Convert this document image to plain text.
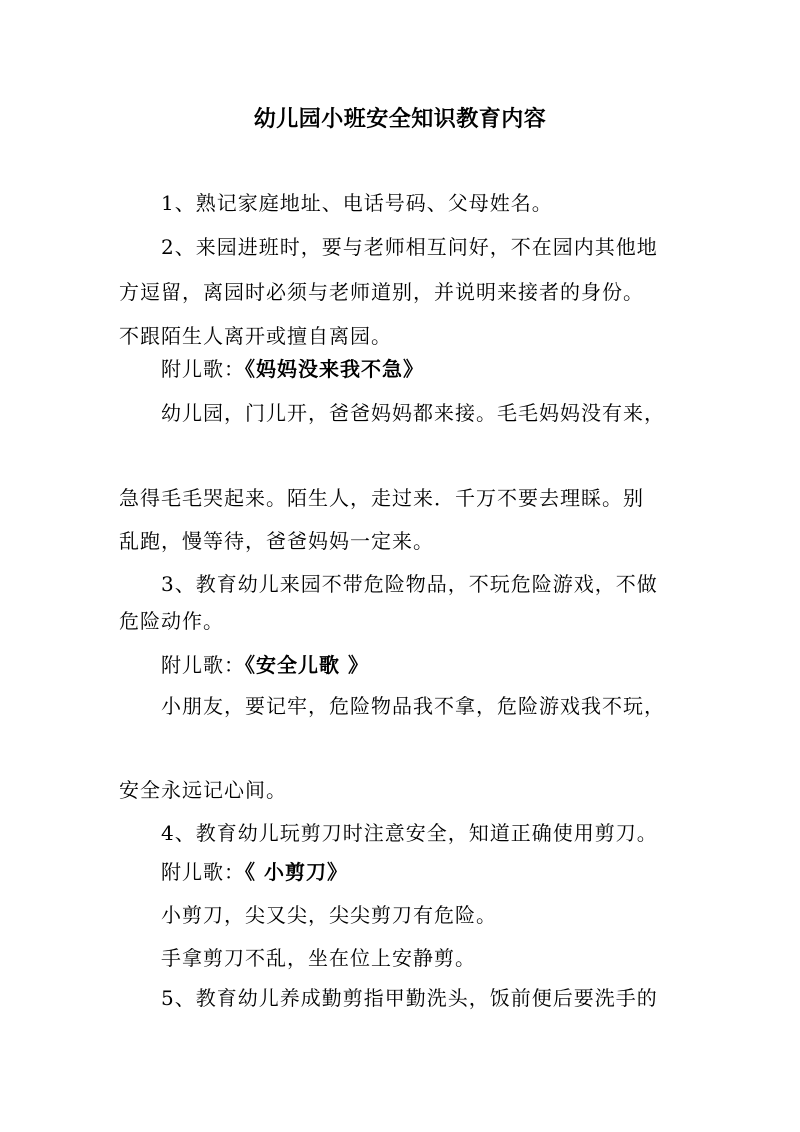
幼儿园小班安全知识教育内容
1、熟记家庭地址、电话号码、父母姓名。
2、来园进班时，要与老师相互问好，不在园内其他地
方逗留，离园时必须与老师道别，并说明来接者的身份。
不跟陌生人离开或擅自离园。
附儿歌：《妈妈没来我不急》
幼儿园，门儿开，爸爸妈妈都来接。毛毛妈妈没有来，
急得毛毛哭起来。陌生人，走过来．千万不要去理睬。别
乱跑，慢等待，爸爸妈妈一定来。
3、教育幼儿来园不带危险物品，不玩危险游戏，不做
危险动作。
附儿歌：《安全儿歌 》
小朋友，要记牢，危险物品我不拿，危险游戏我不玩，
安全永远记心间。
4、教育幼儿玩剪刀时注意安全，知道正确使用剪刀。
附儿歌：《 小剪刀》
小剪刀，尖又尖，尖尖剪刀有危险。
手拿剪刀不乱，坐在位上安静剪。
5、教育幼儿养成勤剪指甲勤洗头，饭前便后要洗手的
